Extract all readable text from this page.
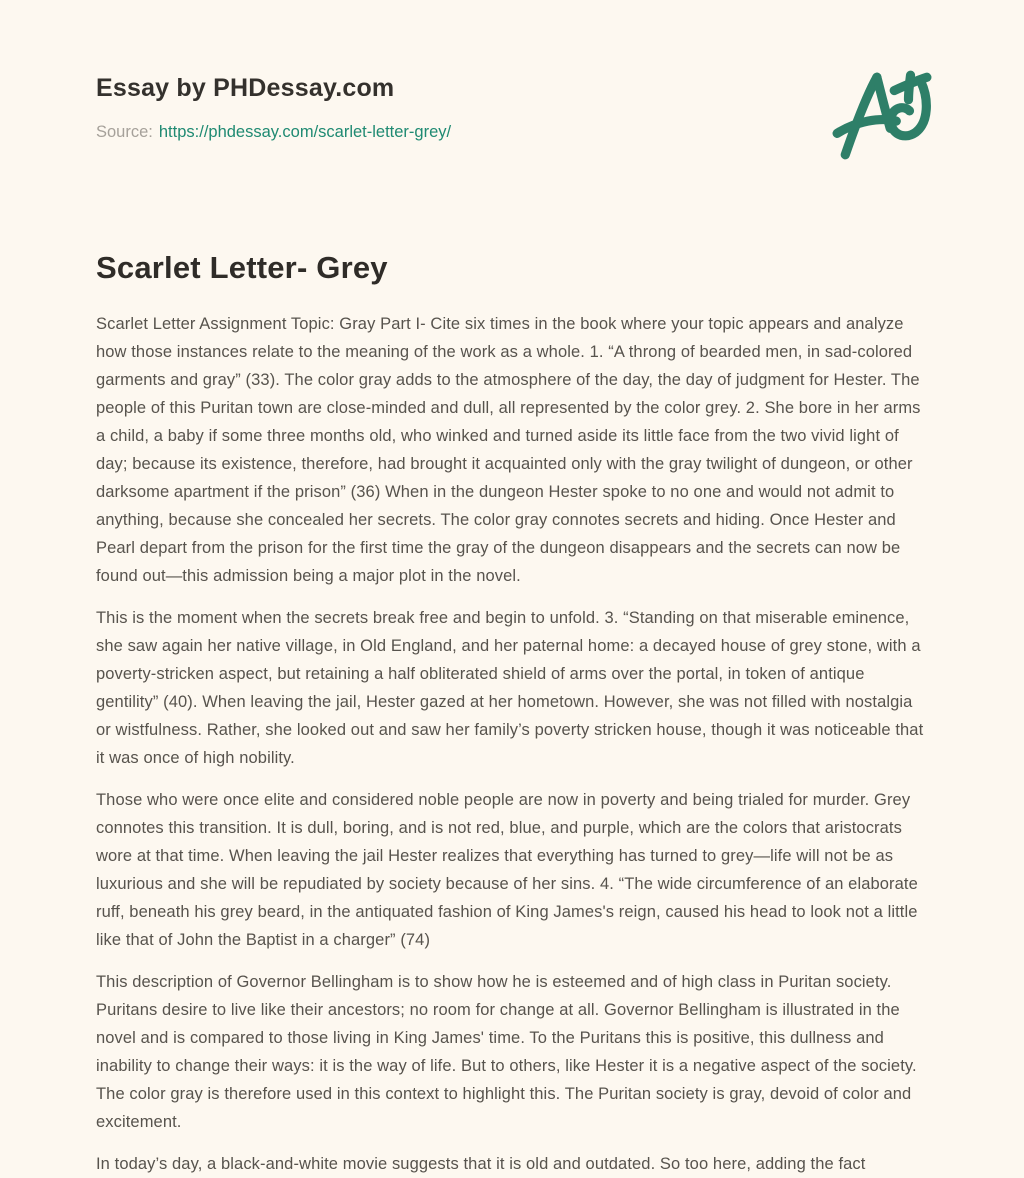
Essay by PHDessay.com
Source: https://phdessay.com/scarlet-letter-grey/
Scarlet Letter- Grey

Scarlet Letter Assignment Topic: Gray Part I- Cite six times in the book where your topic appears and analyze how those instances relate to the meaning of the work as a whole. 1. “A throng of bearded men, in sad-colored garments and gray” (33). The color gray adds to the atmosphere of the day, the day of judgment for Hester. The people of this Puritan town are close-minded and dull, all represented by the color grey. 2. She bore in her arms a child, a baby if some three months old, who winked and turned aside its little face from the two vivid light of day; because its existence, therefore, had brought it acquainted only with the gray twilight of dungeon, or other darksome apartment if the prison” (36) When in the dungeon Hester spoke to no one and would not admit to anything, because she concealed her secrets. The color gray connotes secrets and hiding. Once Hester and Pearl depart from the prison for the first time the gray of the dungeon disappears and the secrets can now be found out—this admission being a major plot in the novel.

This is the moment when the secrets break free and begin to unfold. 3. “Standing on that miserable eminence, she saw again her native village, in Old England, and her paternal home: a decayed house of grey stone, with a poverty-stricken aspect, but retaining a half obliterated shield of arms over the portal, in token of antique gentility” (40). When leaving the jail, Hester gazed at her hometown. However, she was not filled with nostalgia or wistfulness. Rather, she looked out and saw her family’s poverty stricken house, though it was noticeable that it was once of high nobility.

Those who were once elite and considered noble people are now in poverty and being trialed for murder. Grey connotes this transition. It is dull, boring, and is not red, blue, and purple, which are the colors that aristocrats wore at that time. When leaving the jail Hester realizes that everything has turned to grey—life will not be as luxurious and she will be repudiated by society because of her sins. 4. “The wide circumference of an elaborate ruff, beneath his grey beard, in the antiquated fashion of King James's reign, caused his head to look not a little like that of John the Baptist in a charger” (74)

This description of Governor Bellingham is to show how he is esteemed and of high class in Puritan society. Puritans desire to live like their ancestors; no room for change at all. Governor Bellingham is illustrated in the novel and is compared to those living in King James' time. To the Puritans this is positive, this dullness and inability to change their ways: it is the way of life. But to others, like Hester it is a negative aspect of the society. The color gray is therefore used in this context to highlight this. The Puritan society is gray, devoid of color and excitement.

In today’s day, a black-and-white movie suggests that it is old and outdated. So too here, adding the fact
